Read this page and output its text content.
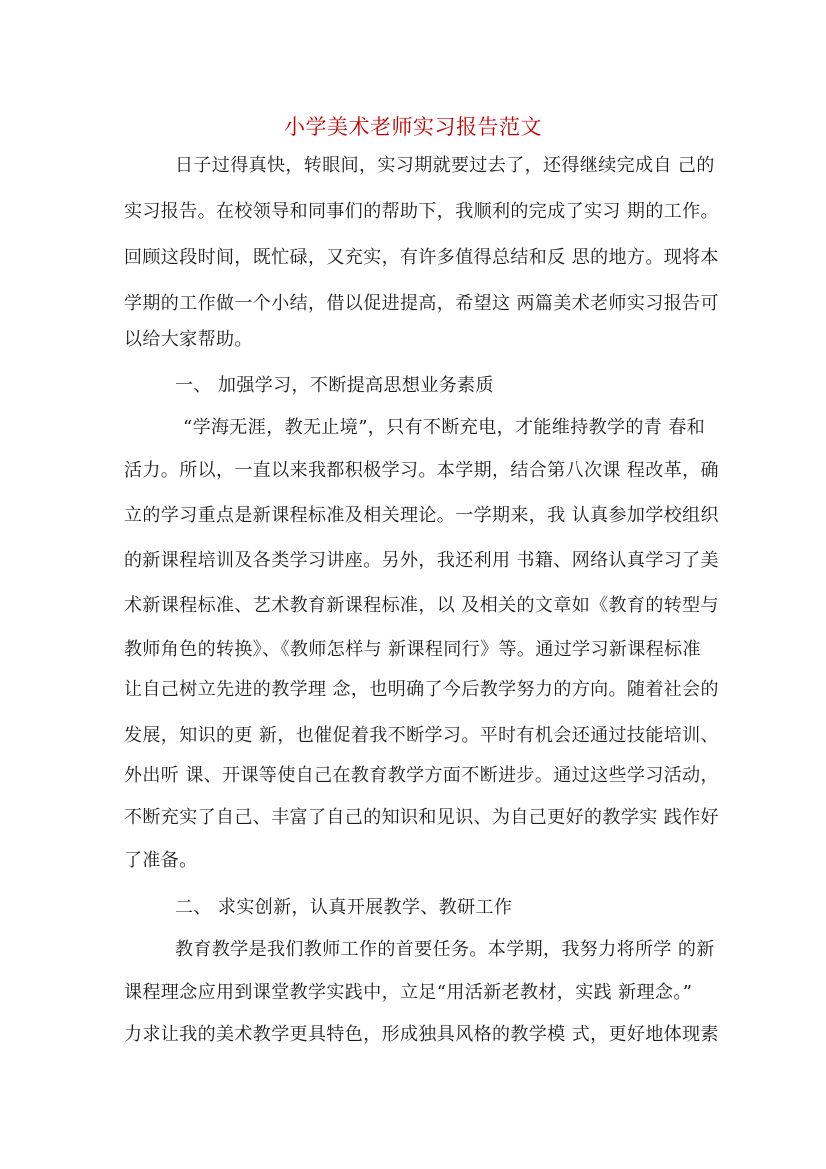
小学美术老师实习报告范文
日子过得真快，转眼间，实习期就要过去了，还得继续完成自 己的
实习报告。在校领导和同事们的帮助下，我顺利的完成了实习 期的工作。
回顾这段时间，既忙碌，又充实，有许多值得总结和反 思的地方。现将本
学期的工作做一个小结，借以促进提高，希望这 两篇美术老师实习报告可
以给大家帮助。
一、 加强学习，不断提高思想业务素质
“学海无涯，教无止境”，只有不断充电，才能维持教学的青 春和
活力。所以，一直以来我都积极学习。本学期，结合第八次课 程改革，确
立的学习重点是新课程标准及相关理论。一学期来，我 认真参加学校组织
的新课程培训及各类学习讲座。另外，我还利用 书籍、网络认真学习了美
术新课程标准、艺术教育新课程标准，以 及相关的文章如《教育的转型与
教师角色的转换》、《教师怎样与 新课程同行》等。通过学习新课程标准
让自己树立先进的教学理 念，也明确了今后教学努力的方向。随着社会的
发展，知识的更 新，也催促着我不断学习。平时有机会还通过技能培训、
外出听 课、开课等使自己在教育教学方面不断进步。通过这些学习活动，
不断充实了自己、丰富了自己的知识和见识、为自己更好的教学实 践作好
了准备。
二、 求实创新，认真开展教学、教研工作
教育教学是我们教师工作的首要任务。本学期，我努力将所学 的新
课程理念应用到课堂教学实践中，立足“用活新老教材，实践 新理念。”
力求让我的美术教学更具特色，形成独具风格的教学模 式，更好地体现素
